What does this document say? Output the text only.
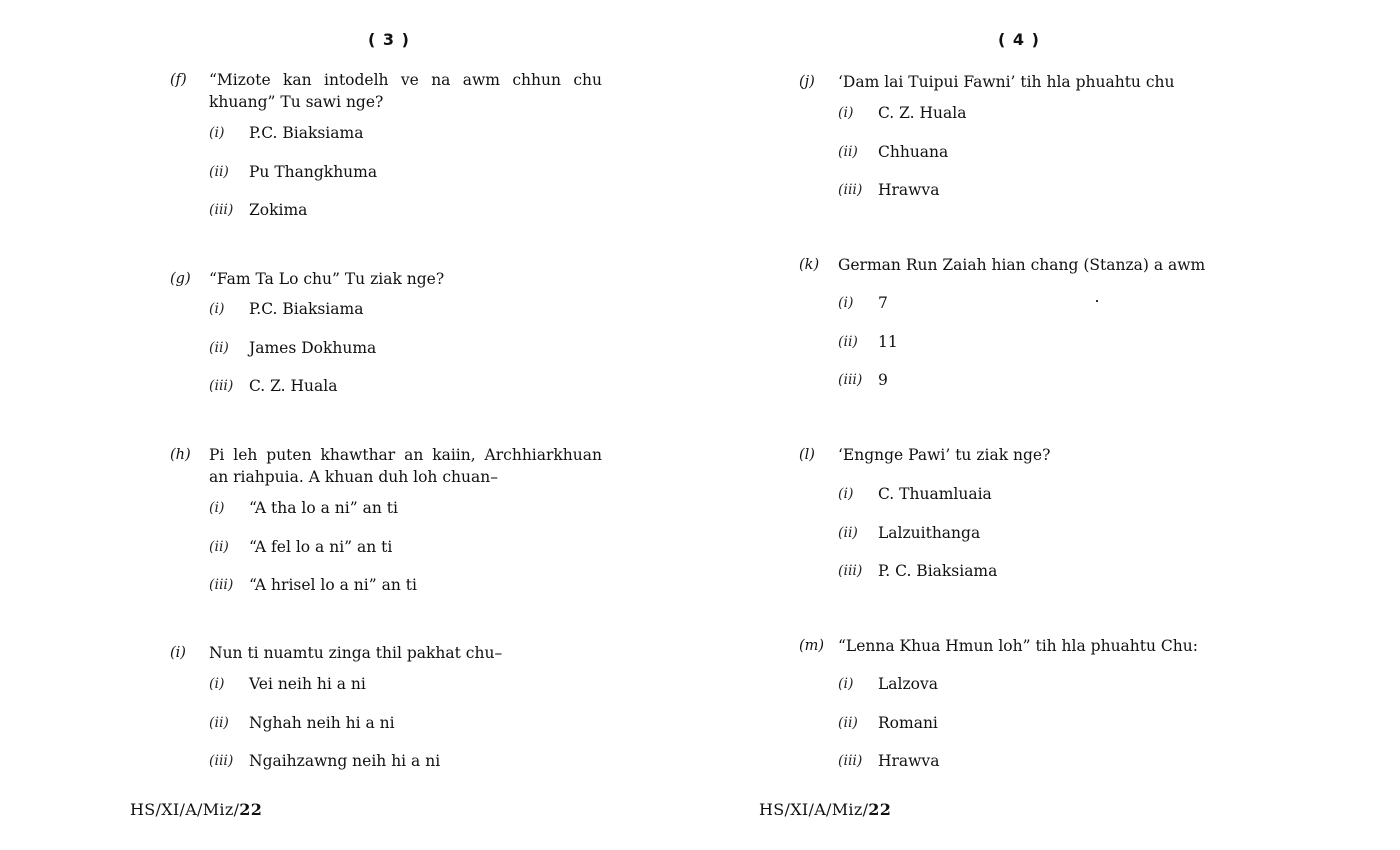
( 3 )
(f) “Mizote kan intodelh ve na awm chhun chu khuang” Tu sawi nge?
(i) P.C. Biaksiama
(ii) Pu Thangkhuma
(iii) Zokima
(g) “Fam Ta Lo chu” Tu ziak nge?
(i) P.C. Biaksiama
(ii) James Dokhuma
(iii) C. Z. Huala
(h) Pi leh puten khawthar an kaiin, Archhiarkhuan an riahpuia. A khuan duh loh chuan–
(i) “A tha lo a ni” an ti
(ii) “A fel lo a ni” an ti
(iii) “A hrisel lo a ni” an ti
(i) Nun ti nuamtu zinga thil pakhat chu–
(i) Vei neih hi a ni
(ii) Nghah neih hi a ni
(iii) Ngaihzawng neih hi a ni
HS/XI/A/Miz/22
( 4 )
(j) ‘Dam lai Tuipui Fawni’ tih hla phuahtu chu
(i) C. Z. Huala
(ii) Chhuana
(iii) Hrawva
(k) German Run Zaiah hian chang (Stanza) a awm
(i) 7
(ii) 11
(iii) 9
(l) ‘Engnge Pawi’ tu ziak nge?
(i) C. Thuamluaia
(ii) Lalzuithanga
(iii) P. C. Biaksiama
(m) “Lenna Khua Hmun loh” tih hla phuahtu Chu:
(i) Lalzova
(ii) Romani
(iii) Hrawva
HS/XI/A/Miz/22
